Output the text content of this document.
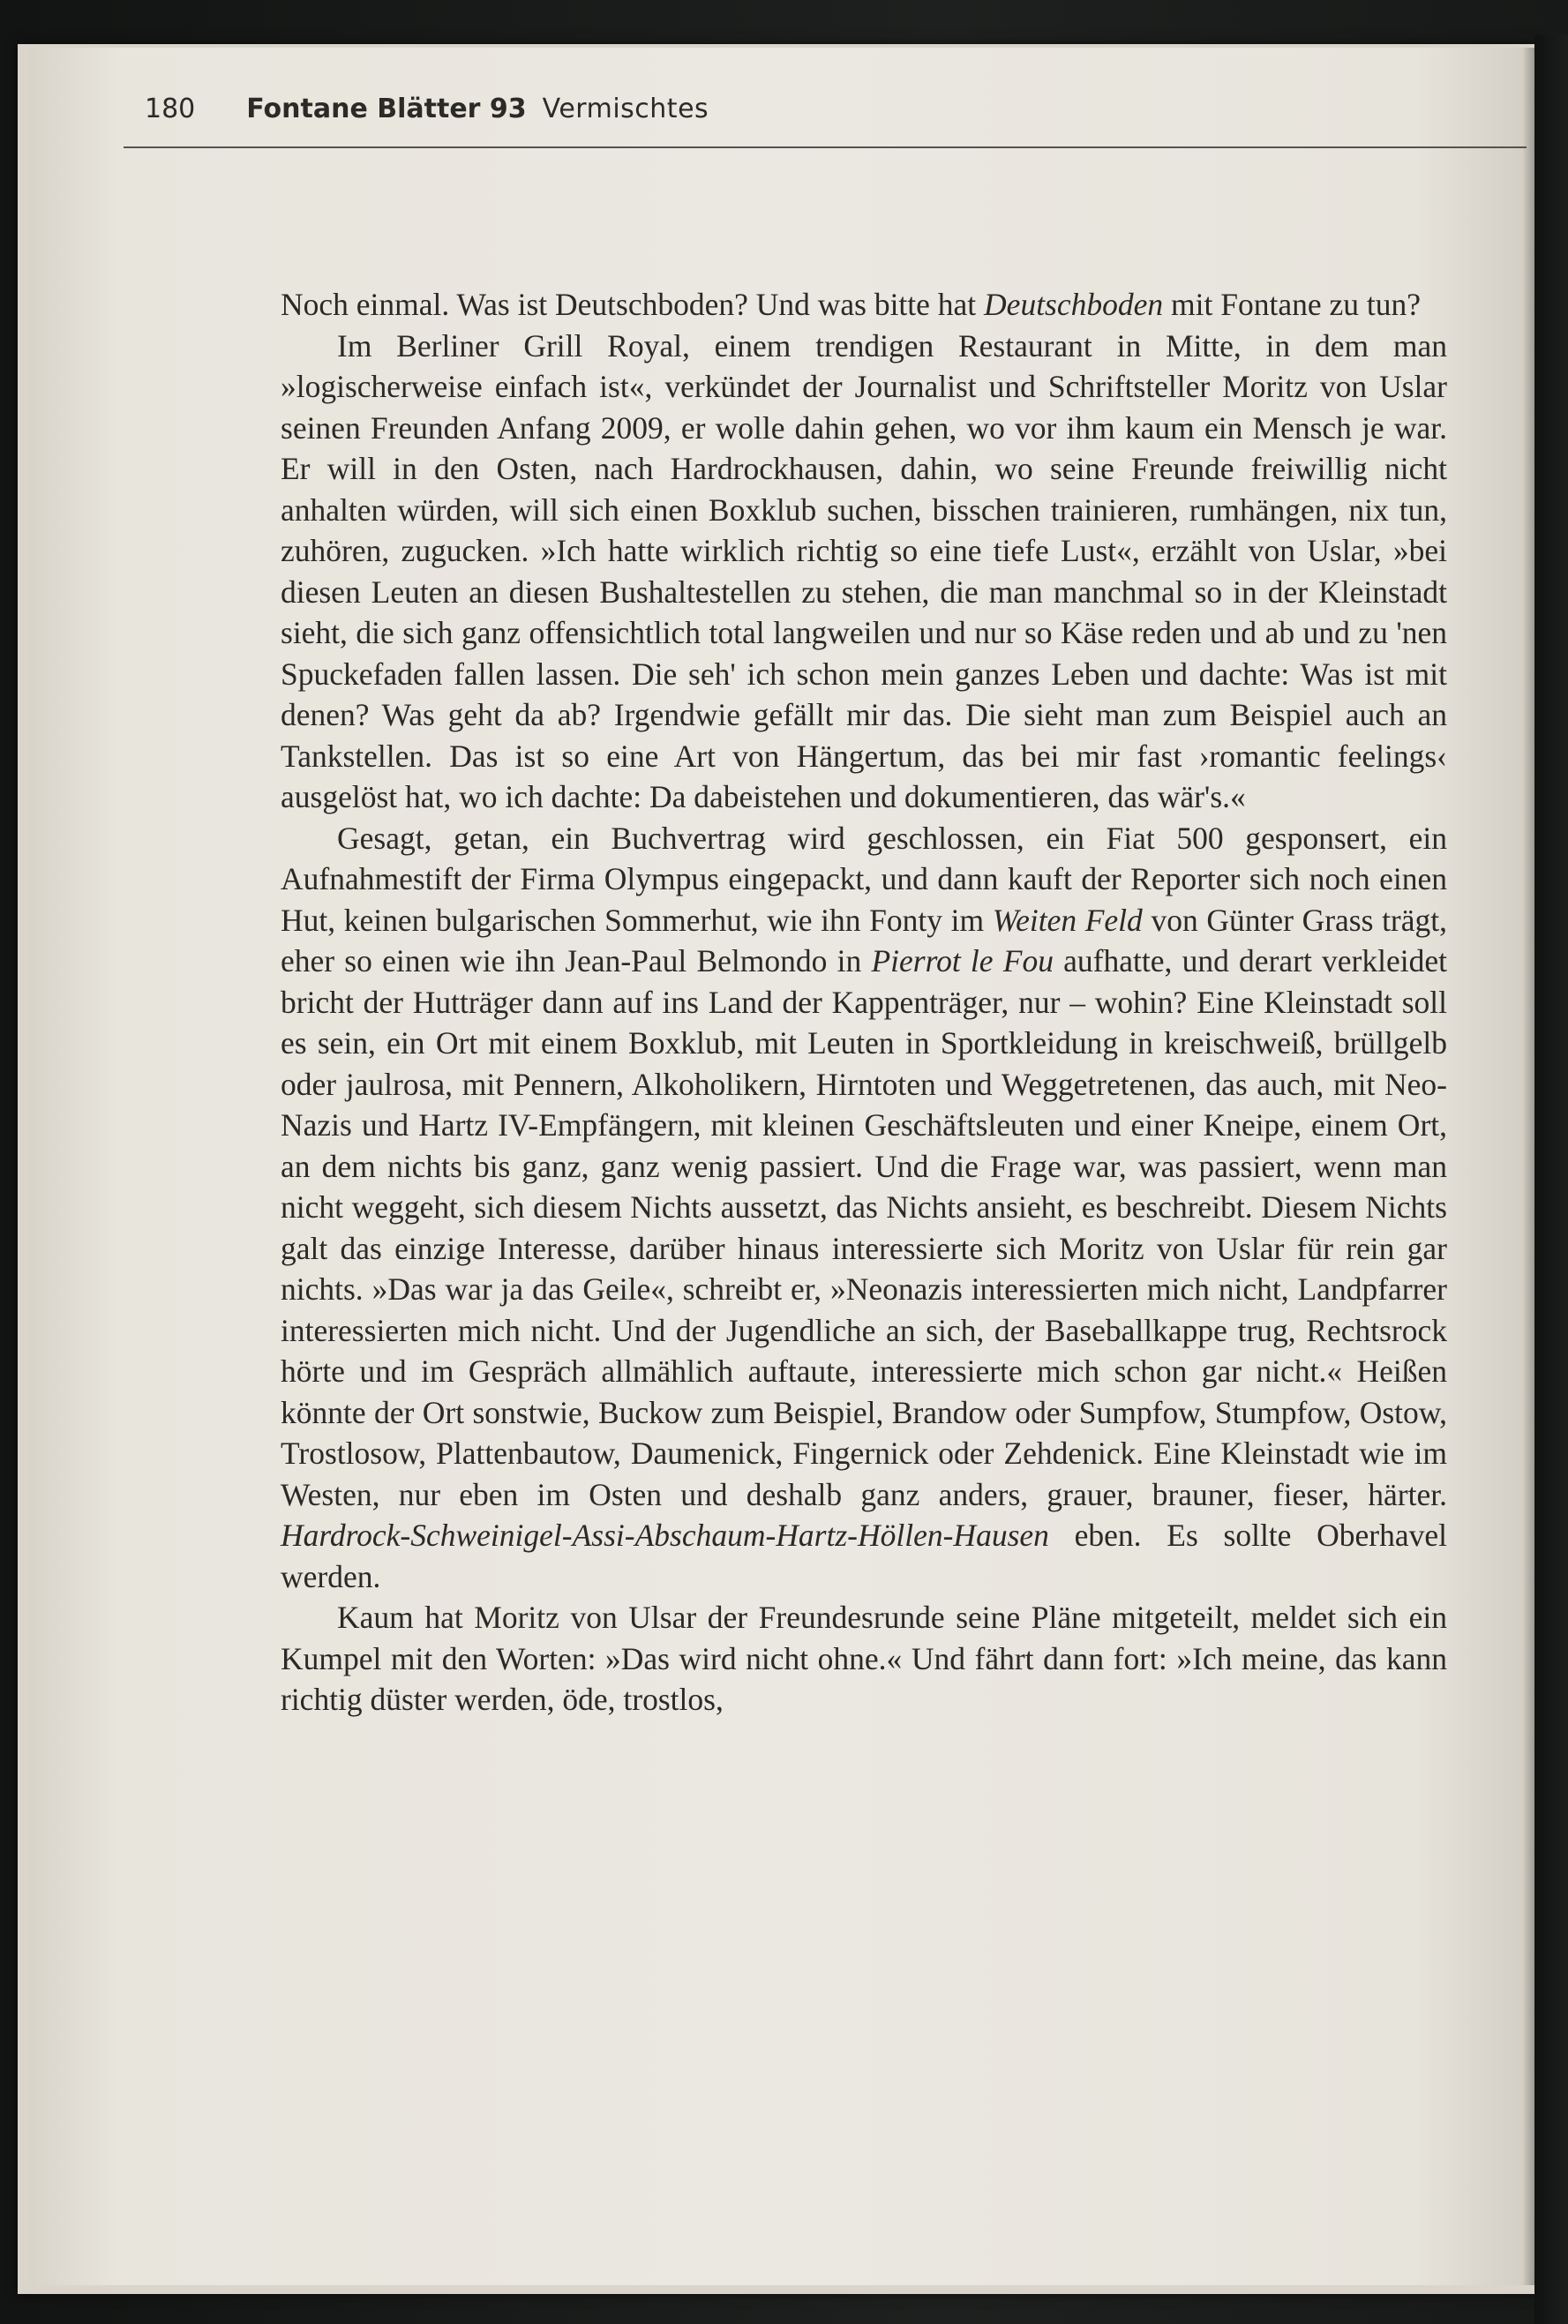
180 Fontane Blätter 93 Vermischtes

Noch einmal. Was ist Deutschboden? Und was bitte hat Deutschboden mit Fontane zu tun?

Im Berliner Grill Royal, einem trendigen Restaurant in Mitte, in dem man »logischerweise einfach ist«, verkündet der Journalist und Schriftsteller Moritz von Uslar seinen Freunden Anfang 2009, er wolle dahin gehen, wo vor ihm kaum ein Mensch je war. Er will in den Osten, nach Hardrockhausen, dahin, wo seine Freunde freiwillig nicht anhalten würden, will sich einen Boxklub suchen, bisschen trainieren, rumhängen, nix tun, zuhören, zugucken. »Ich hatte wirklich richtig so eine tiefe Lust«, erzählt von Uslar, »bei diesen Leuten an diesen Bushaltestellen zu stehen, die man manchmal so in der Kleinstadt sieht, die sich ganz offensichtlich total langweilen und nur so Käse reden und ab und zu 'nen Spuckefaden fallen lassen. Die seh' ich schon mein ganzes Leben und dachte: Was ist mit denen? Was geht da ab? Irgendwie gefällt mir das. Die sieht man zum Beispiel auch an Tankstellen. Das ist so eine Art von Hängertum, das bei mir fast ›romantic feelings‹ ausgelöst hat, wo ich dachte: Da dabeistehen und dokumentieren, das wär's.«

Gesagt, getan, ein Buchvertrag wird geschlossen, ein Fiat 500 gesponsert, ein Aufnahmestift der Firma Olympus eingepackt, und dann kauft der Reporter sich noch einen Hut, keinen bulgarischen Sommerhut, wie ihn Fonty im Weiten Feld von Günter Grass trägt, eher so einen wie ihn Jean-Paul Belmondo in Pierrot le Fou aufhatte, und derart verkleidet bricht der Hutträger dann auf ins Land der Kappenträger, nur – wohin? Eine Kleinstadt soll es sein, ein Ort mit einem Boxklub, mit Leuten in Sportkleidung in kreischweiß, brüllgelb oder jaulrosa, mit Pennern, Alkoholikern, Hirntoten und Weggetretenen, das auch, mit Neo-Nazis und Hartz IV-Empfängern, mit kleinen Geschäftsleuten und einer Kneipe, einem Ort, an dem nichts bis ganz, ganz wenig passiert. Und die Frage war, was passiert, wenn man nicht weggeht, sich diesem Nichts aussetzt, das Nichts ansieht, es beschreibt. Diesem Nichts galt das einzige Interesse, darüber hinaus interessierte sich Moritz von Uslar für rein gar nichts. »Das war ja das Geile«, schreibt er, »Neonazis interessierten mich nicht, Landpfarrer interessierten mich nicht. Und der Jugendliche an sich, der Baseballkappe trug, Rechtsrock hörte und im Gespräch allmählich auftaute, interessierte mich schon gar nicht.« Heißen könnte der Ort sonstwie, Buckow zum Beispiel, Brandow oder Sumpfow, Stumpfow, Ostow, Trostlosow, Plattenbautow, Daumenick, Fingernick oder Zehdenick. Eine Kleinstadt wie im Westen, nur eben im Osten und deshalb ganz anders, grauer, brauner, fieser, härter. Hardrock-Schweinigel-Assi-Abschaum-Hartz-Höllen-Hausen eben. Es sollte Oberhavel werden.

Kaum hat Moritz von Ulsar der Freundesrunde seine Pläne mitgeteilt, meldet sich ein Kumpel mit den Worten: »Das wird nicht ohne.« Und fährt dann fort: »Ich meine, das kann richtig düster werden, öde, trostlos,
